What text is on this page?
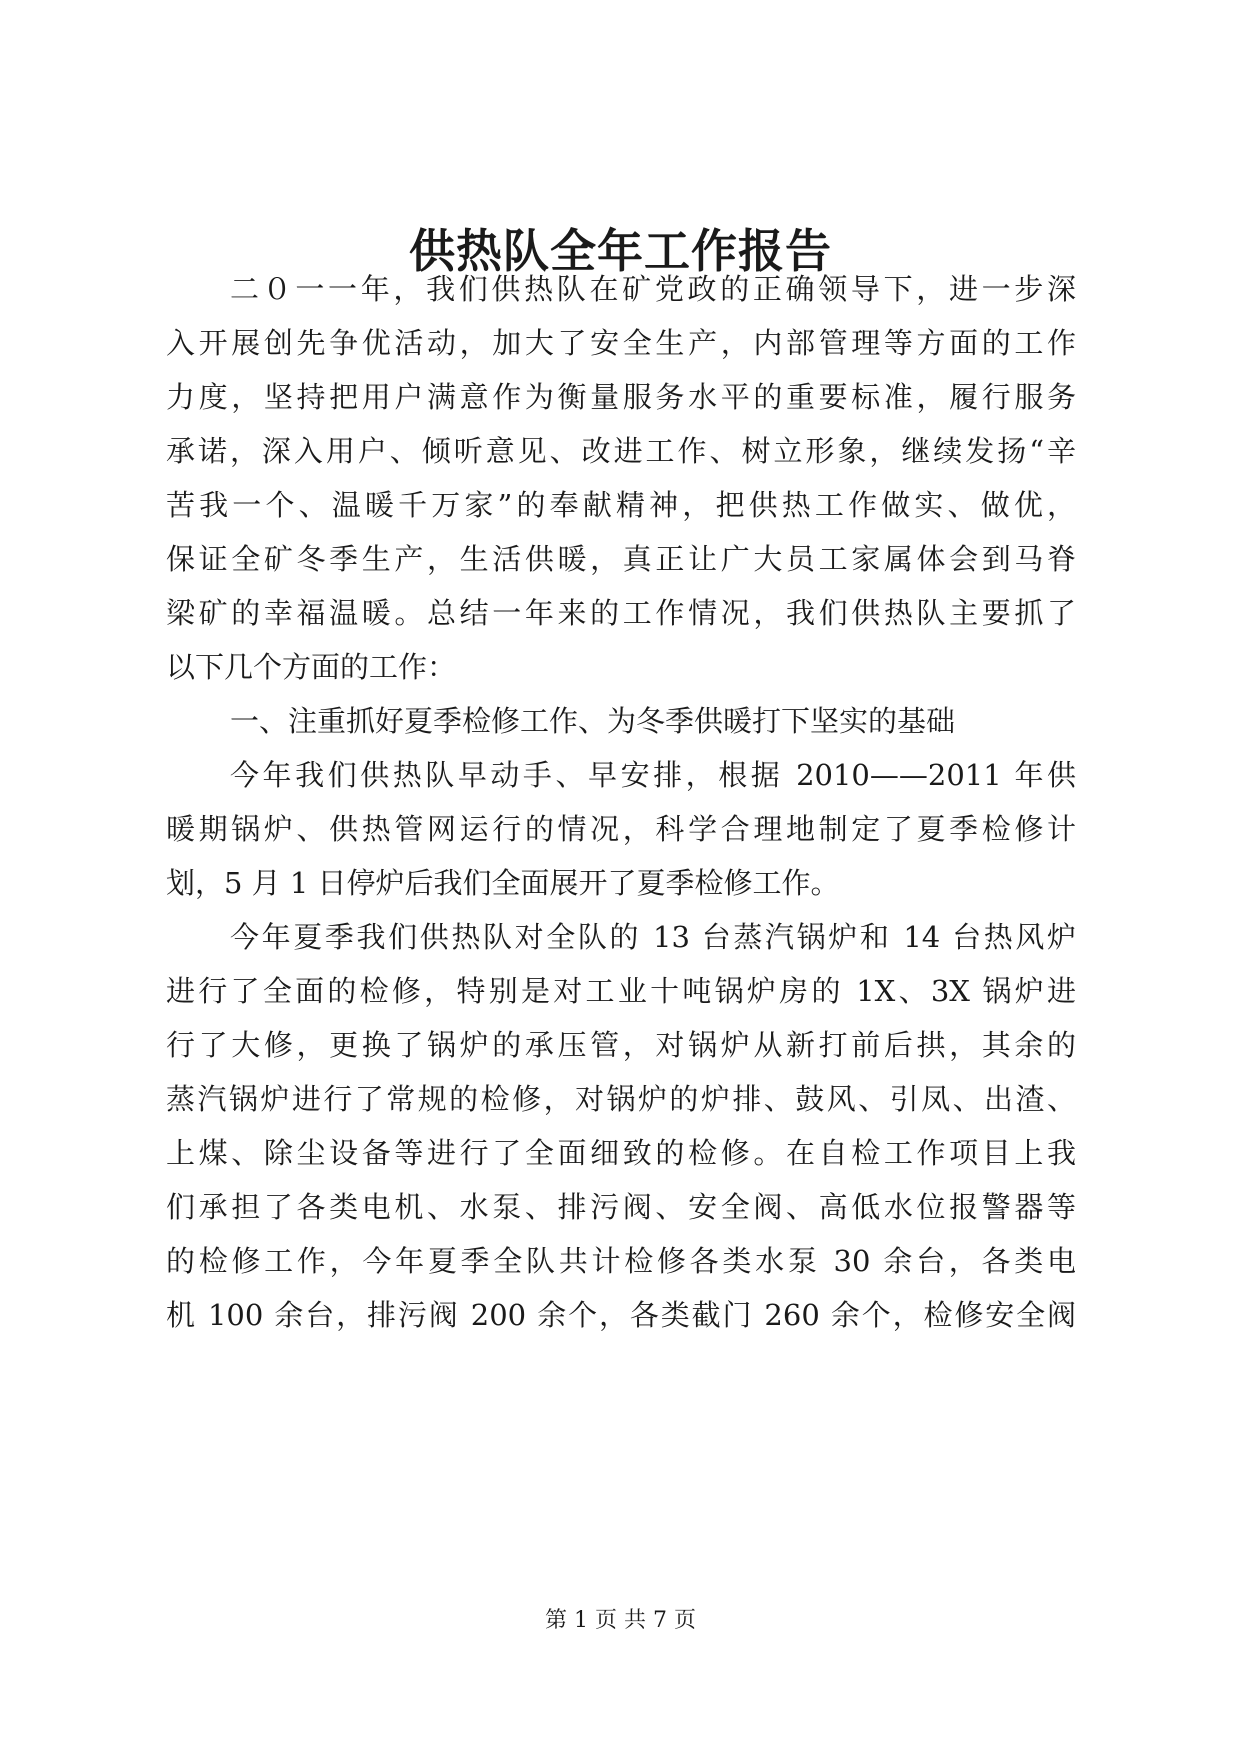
供热队全年工作报告
二０一一年，我们供热队在矿党政的正确领导下，进一步深
入开展创先争优活动，加大了安全生产，内部管理等方面的工作
力度，坚持把用户满意作为衡量服务水平的重要标准，履行服务
承诺，深入用户、倾听意见、改进工作、树立形象，继续发扬“辛
苦我一个、温暖千万家”的奉献精神，把供热工作做实、做优，
保证全矿冬季生产，生活供暖，真正让广大员工家属体会到马脊
梁矿的幸福温暖。总结一年来的工作情况，我们供热队主要抓了
以下几个方面的工作：
一、注重抓好夏季检修工作、为冬季供暖打下坚实的基础
今年我们供热队早动手、早安排，根据 2010——2011 年供
暖期锅炉、供热管网运行的情况，科学合理地制定了夏季检修计
划，5 月 1 日停炉后我们全面展开了夏季检修工作。
今年夏季我们供热队对全队的 13 台蒸汽锅炉和 14 台热风炉
进行了全面的检修，特别是对工业十吨锅炉房的 1X、3X 锅炉进
行了大修，更换了锅炉的承压管，对锅炉从新打前后拱，其余的
蒸汽锅炉进行了常规的检修，对锅炉的炉排、鼓风、引凤、出渣、
上煤、除尘设备等进行了全面细致的检修。在自检工作项目上我
们承担了各类电机、水泵、排污阀、安全阀、高低水位报警器等
的检修工作，今年夏季全队共计检修各类水泵 30 余台，各类电
机 100 余台，排污阀 200 余个，各类截门 260 余个，检修安全阀
第 1 页 共 7 页
